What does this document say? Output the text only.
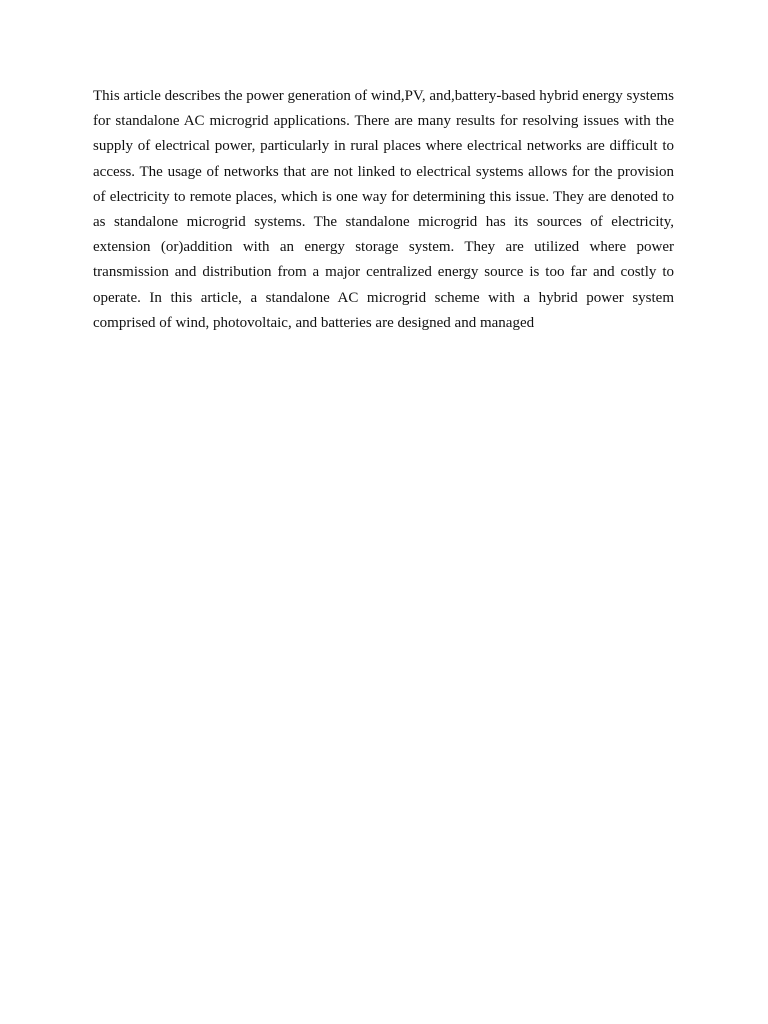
This article describes the power generation of wind,PV, and,battery-based hybrid energy systems for standalone AC microgrid applications. There are many results for resolving issues with the supply of electrical power, particularly in rural places where electrical networks are difficult to access. The usage of networks that are not linked to electrical systems allows for the provision of electricity to remote places, which is one way for determining this issue. They are denoted to as standalone microgrid systems. The standalone microgrid has its sources of electricity, extension (or)addition with an energy storage system. They are utilized where power transmission and distribution from a major centralized energy source is too far and costly to operate. In this article, a standalone AC microgrid scheme with a hybrid power system comprised of wind, photovoltaic, and batteries are designed and managed
